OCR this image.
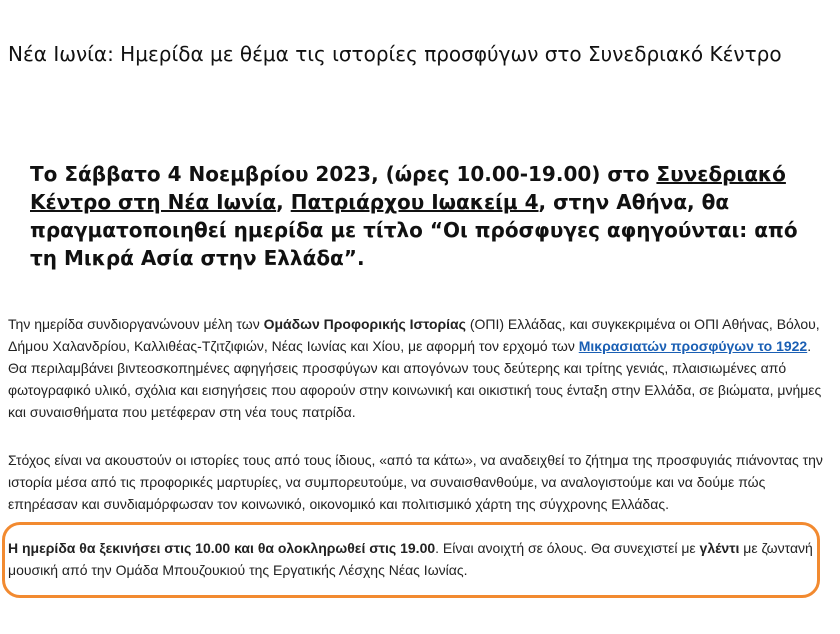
Νέα Ιωνία: Ημερίδα με θέμα τις ιστορίες προσφύγων στο Συνεδριακό Κέντρο

Το Σάββατο 4 Νοεμβρίου 2023, (ώρες 10.00-19.00) στο Συνεδριακό Κέντρο στη Νέα Ιωνία, Πατριάρχου Ιωακείμ 4, στην Αθήνα, θα πραγματοποιηθεί ημερίδα με τίτλο “Οι πρόσφυγες αφηγούνται: από τη Μικρά Ασία στην Ελλάδα”.

Την ημερίδα συνδιοργανώνουν μέλη των Ομάδων Προφορικής Ιστορίας (ΟΠΙ) Ελλάδας, και συγκεκριμένα οι ΟΠΙ Αθήνας, Βόλου, Δήμου Χαλανδρίου, Καλλιθέας-Τζιτζιφιών, Νέας Ιωνίας και Χίου, με αφορμή τον ερχομό των Μικρασιατών προσφύγων το 1922. Θα περιλαμβάνει βιντεοσκοπημένες αφηγήσεις προσφύγων και απογόνων τους δεύτερης και τρίτης γενιάς, πλαισιωμένες από φωτογραφικό υλικό, σχόλια και εισηγήσεις που αφορούν στην κοινωνική και οικιστική τους ένταξη στην Ελλάδα, σε βιώματα, μνήμες και συναισθήματα που μετέφεραν στη νέα τους πατρίδα.

Στόχος είναι να ακουστούν οι ιστορίες τους από τους ίδιους, «από τα κάτω», να αναδειχθεί το ζήτημα της προσφυγιάς πιάνοντας την ιστορία μέσα από τις προφορικές μαρτυρίες, να συμπορευτούμε, να συναισθανθούμε, να αναλογιστούμε και να δούμε πώς επηρέασαν και συνδιαμόρφωσαν τον κοινωνικό, οικονομικό και πολιτισμικό χάρτη της σύγχρονης Ελλάδας.

Η ημερίδα θα ξεκινήσει στις 10.00 και θα ολοκληρωθεί στις 19.00. Είναι ανοιχτή σε όλους. Θα συνεχιστεί με γλέντι με ζωντανή μουσική από την Ομάδα Μπουζουκιού της Εργατικής Λέσχης Νέας Ιωνίας.
